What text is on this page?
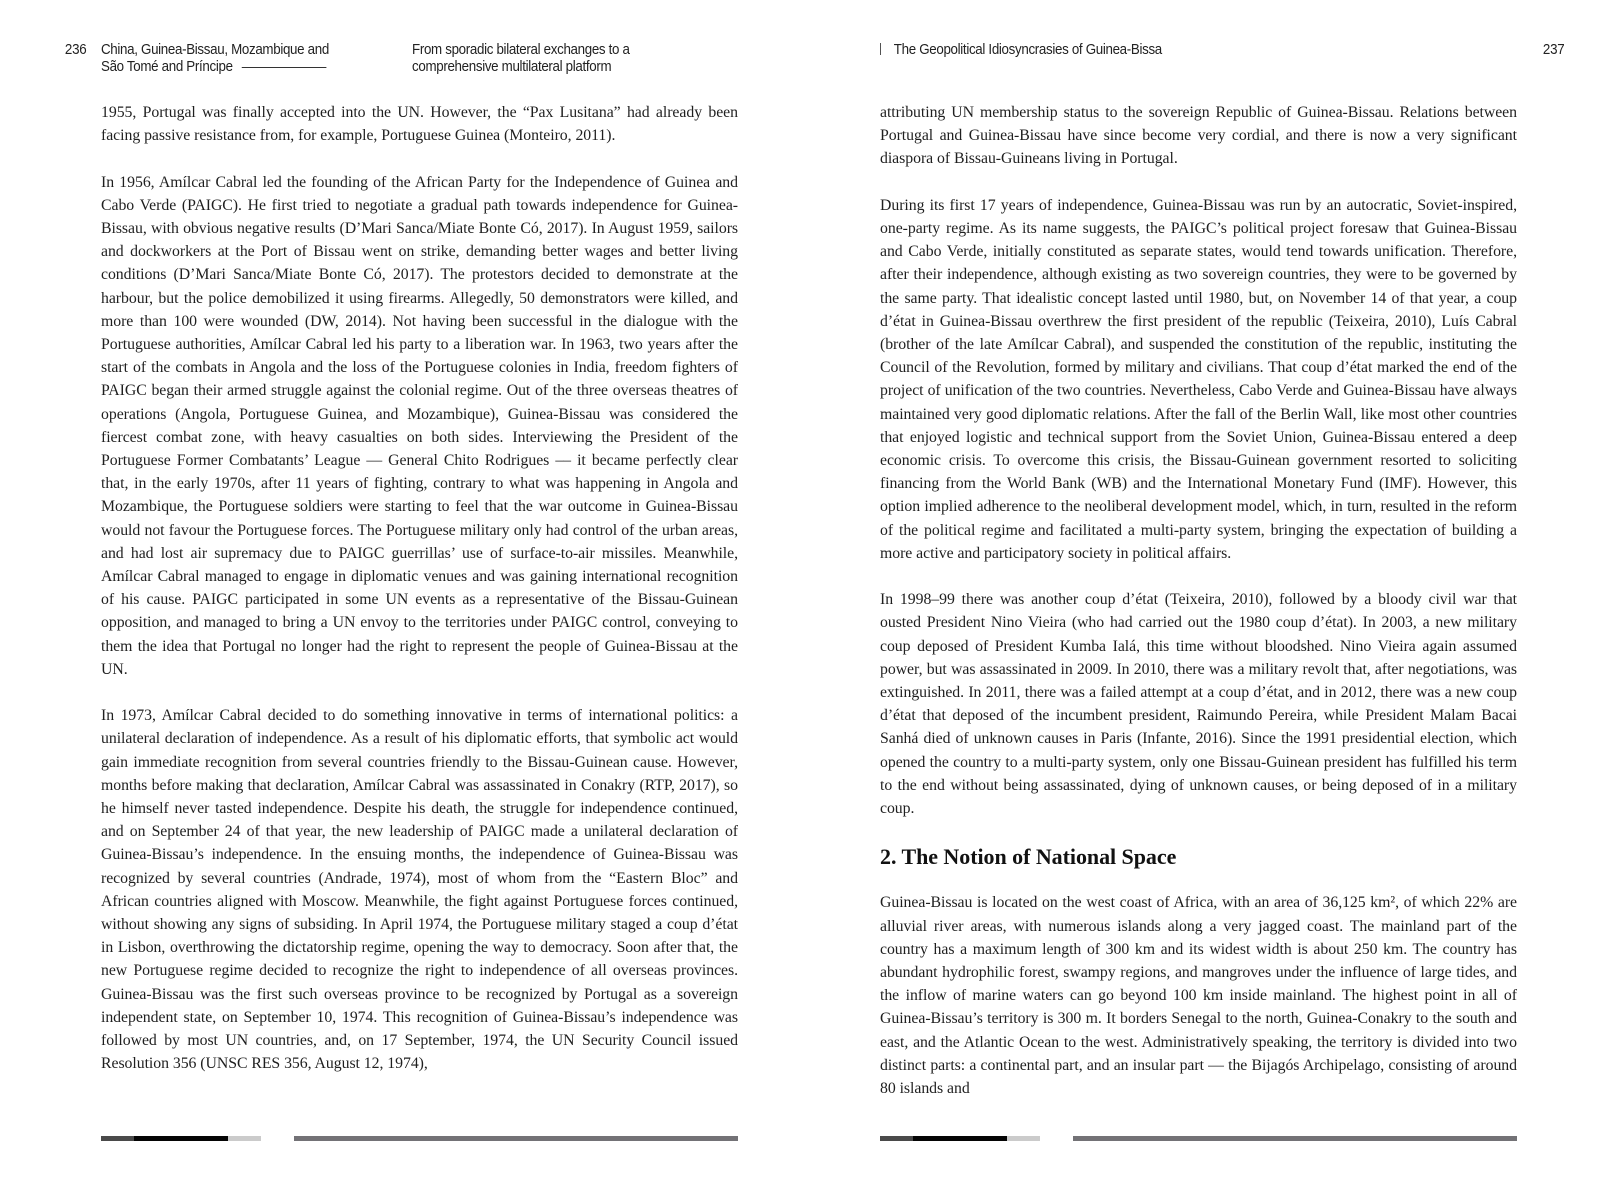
236 China, Guinea-Bissau, Mozambique and
São Tomé and Príncipe
From sporadic bilateral exchanges to a
comprehensive multilateral platform

1955, Portugal was finally accepted into the UN. However, the “Pax Lusitana” had already been facing passive resistance from, for example, Portuguese Guinea (Monteiro, 2011).

In 1956, Amílcar Cabral led the founding of the African Party for the Independence of Guinea and Cabo Verde (PAIGC). He first tried to negotiate a gradual path towards independence for Guinea-Bissau, with obvious negative results (D’Mari Sanca/Miate Bonte Có, 2017). In August 1959, sailors and dockworkers at the Port of Bissau went on strike, demanding better wages and better living conditions (D’Mari Sanca/Miate Bonte Có, 2017). The protestors decided to demonstrate at the harbour, but the police demobilized it using firearms. Allegedly, 50 demonstrators were killed, and more than 100 were wounded (DW, 2014). Not having been successful in the dialogue with the Portuguese authorities, Amílcar Cabral led his party to a liberation war. In 1963, two years after the start of the combats in Angola and the loss of the Portuguese colonies in India, freedom fighters of PAIGC began their armed struggle against the colonial regime. Out of the three overseas theatres of operations (Angola, Portuguese Guinea, and Mozambique), Guinea-Bissau was considered the fiercest combat zone, with heavy casualties on both sides. Interviewing the President of the Portuguese Former Combatants’ League — General Chito Rodrigues –– it became perfectly clear that, in the early 1970s, after 11 years of fighting, contrary to what was happening in Angola and Mozambique, the Portuguese soldiers were starting to feel that the war outcome in Guinea-Bissau would not favour the Portuguese forces. The Portuguese military only had control of the urban areas, and had lost air supremacy due to PAIGC guerrillas’ use of surface-to-air missiles. Meanwhile, Amílcar Cabral managed to engage in diplomatic venues and was gaining international recognition of his cause. PAIGC participated in some UN events as a representative of the Bissau-Guinean opposition, and managed to bring a UN envoy to the territories under PAIGC control, conveying to them the idea that Portugal no longer had the right to represent the people of Guinea-Bissau at the UN.

In 1973, Amílcar Cabral decided to do something innovative in terms of international politics: a unilateral declaration of independence. As a result of his diplomatic efforts, that symbolic act would gain immediate recognition from several countries friendly to the Bissau-Guinean cause. However, months before making that declaration, Amílcar Cabral was assassinated in Conakry (RTP, 2017), so he himself never tasted independence. Despite his death, the struggle for independence continued, and on September 24 of that year, the new leadership of PAIGC made a unilateral declaration of Guinea-Bissau’s independence. In the ensuing months, the independence of Guinea-Bissau was recognized by several countries (Andrade, 1974), most of whom from the “Eastern Bloc” and African countries aligned with Moscow. Meanwhile, the fight against Portuguese forces continued, without showing any signs of subsiding. In April 1974, the Portuguese military staged a coup d’état in Lisbon, overthrowing the dictatorship regime, opening the way to democracy. Soon after that, the new Portuguese regime decided to recognize the right to independence of all overseas provinces. Guinea-Bissau was the first such overseas province to be recognized by Portugal as a sovereign independent state, on September 10, 1974. This recognition of Guinea-Bissau’s independence was followed by most UN countries, and, on 17 September, 1974, the UN Security Council issued Resolution 356 (UNSC RES 356, August 12, 1974),

The Geopolitical Idiosyncrasies of Guinea-Bissa	237

attributing UN membership status to the sovereign Republic of Guinea-Bissau. Relations between Portugal and Guinea-Bissau have since become very cordial, and there is now a very significant diaspora of Bissau-Guineans living in Portugal.

During its first 17 years of independence, Guinea-Bissau was run by an autocratic, Soviet-inspired, one-party regime. As its name suggests, the PAIGC’s political project foresaw that Guinea-Bissau and Cabo Verde, initially constituted as separate states, would tend towards unification. Therefore, after their independence, although existing as two sovereign countries, they were to be governed by the same party. That idealistic concept lasted until 1980, but, on November 14 of that year, a coup d’état in Guinea-Bissau overthrew the first president of the republic (Teixeira, 2010), Luís Cabral (brother of the late Amílcar Cabral), and suspended the constitution of the republic, instituting the Council of the Revolution, formed by military and civilians. That coup d’état marked the end of the project of unification of the two countries. Nevertheless, Cabo Verde and Guinea-Bissau have always maintained very good diplomatic relations. After the fall of the Berlin Wall, like most other countries that enjoyed logistic and technical support from the Soviet Union, Guinea-Bissau entered a deep economic crisis. To overcome this crisis, the Bissau-Guinean government resorted to soliciting financing from the World Bank (WB) and the International Monetary Fund (IMF). However, this option implied adherence to the neoliberal development model, which, in turn, resulted in the reform of the political regime and facilitated a multi-party system, bringing the expectation of building a more active and participatory society in political affairs.

In 1998–99 there was another coup d’état (Teixeira, 2010), followed by a bloody civil war that ousted President Nino Vieira (who had carried out the 1980 coup d’état). In 2003, a new military coup deposed of President Kumba Ialá, this time without bloodshed. Nino Vieira again assumed power, but was assassinated in 2009. In 2010, there was a military revolt that, after negotiations, was extinguished. In 2011, there was a failed attempt at a coup d’état, and in 2012, there was a new coup d’état that deposed of the incumbent president, Raimundo Pereira, while President Malam Bacai Sanhá died of unknown causes in Paris (Infante, 2016). Since the 1991 presidential election, which opened the country to a multi-party system, only one Bissau-Guinean president has fulfilled his term to the end without being assassinated, dying of unknown causes, or being deposed of in a military coup.

2. The Notion of National Space

Guinea-Bissau is located on the west coast of Africa, with an area of 36,125 km², of which 22% are alluvial river areas, with numerous islands along a very jagged coast. The mainland part of the country has a maximum length of 300 km and its widest width is about 250 km. The country has abundant hydrophilic forest, swampy regions, and mangroves under the influence of large tides, and the inflow of marine waters can go beyond 100 km inside mainland. The highest point in all of Guinea-Bissau’s territory is 300 m. It borders Senegal to the north, Guinea-Conakry to the south and east, and the Atlantic Ocean to the west. Administratively speaking, the territory is divided into two distinct parts: a continental part, and an insular part — the Bijagós Archipelago, consisting of around 80 islands and
